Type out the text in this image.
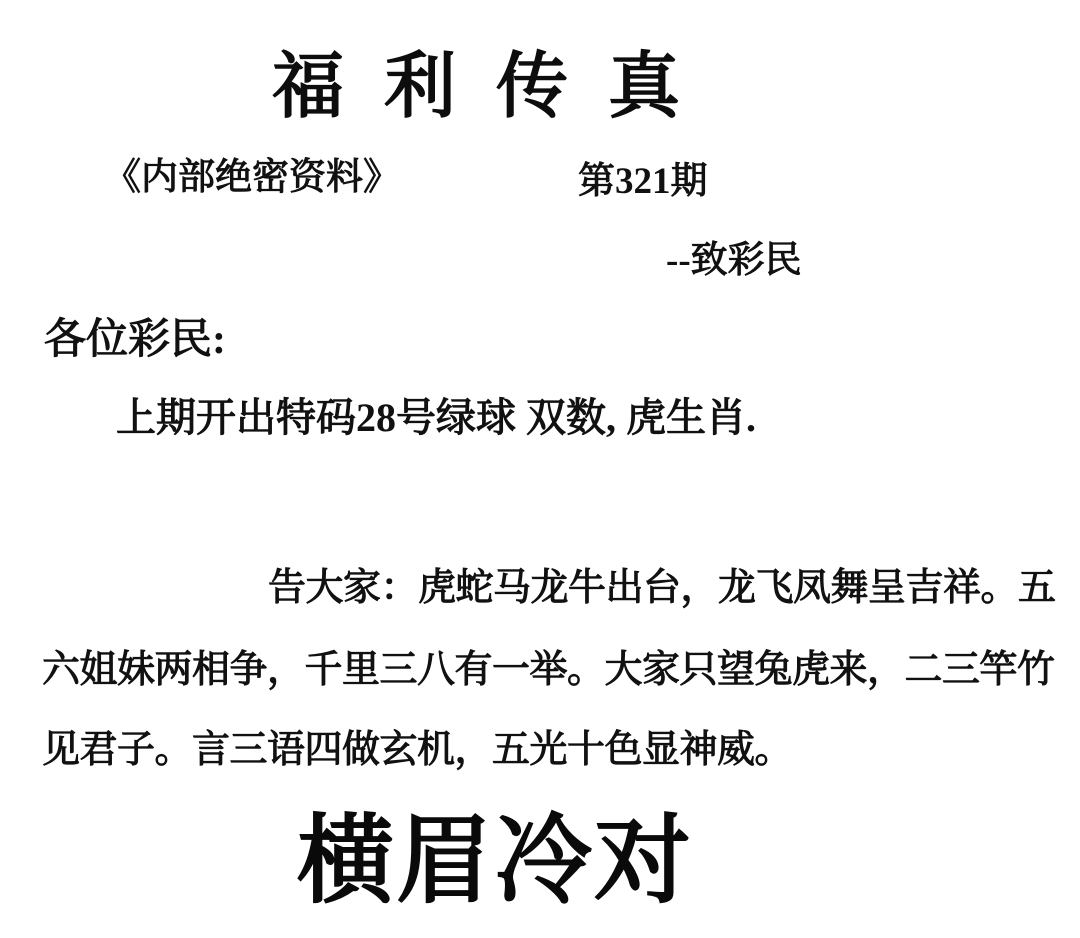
福 利 传 真
《内部绝密资料》	第321期
--致彩民
各位彩民:
上期开出特码28号绿球 双数, 虎生肖.
告大家：虎蛇马龙牛出台，龙飞凤舞呈吉祥。五
六姐妹两相争，千里三八有一举。大家只望兔虎来，二三竿竹
见君子。言三语四做玄机，五光十色显神威。
横眉冷对
